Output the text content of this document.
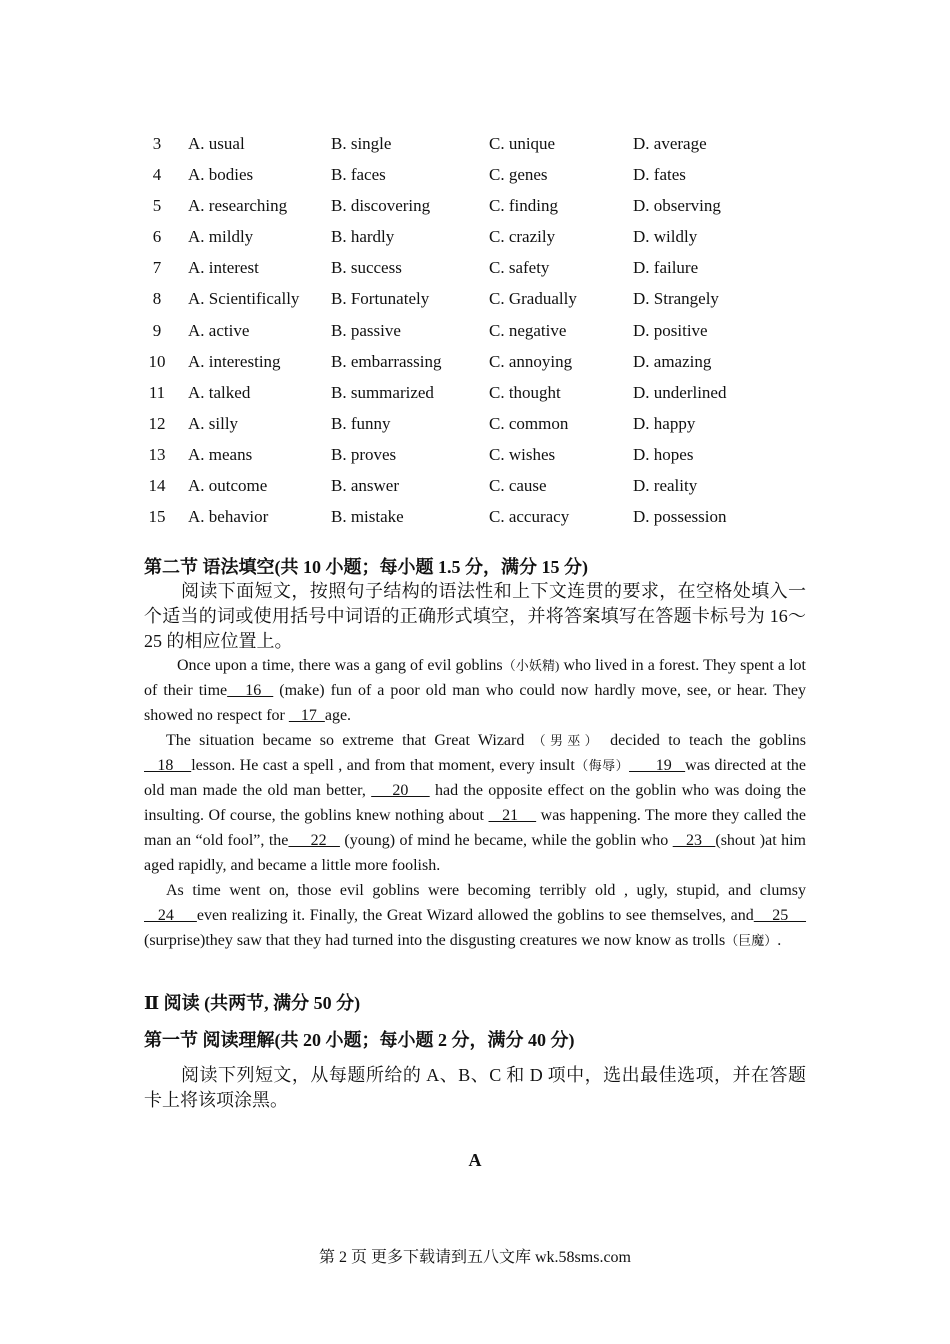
3	A. usual	B. single	C. unique	D. average
4	A. bodies	B. faces	C. genes	D. fates
5	A. researching	B. discovering	C. finding	D. observing
6	A. mildly	B. hardly	C. crazily	D. wildly
7	A. interest	B. success	C. safety	D. failure
8	A. Scientifically B. Fortunately	C. Gradually	D. Strangely
9	A. active	B. passive	C. negative	D. positive
10 A. interesting	B. embarrassing	C. annoying	D. amazing
11 A. talked	B. summarized	C. thought	D. underlined
12 A. silly	B. funny	C. common	D. happy
13 A. means	B. proves	C. wishes	D. hopes
14 A. outcome	B. answer	C. cause	D. reality
15 A. behavior	B. mistake	C. accuracy	D. possession
第二节 语法填空(共 10 小题；每小题 1.5 分，满分 15 分)
阅读下面短文，按照句子结构的语法性和上下文连贯的要求，在空格处填入一个适当的词或使用括号中词语的正确形式填空，并将答案填写在答题卡标号为 16～25 的相应位置上。

Once upon a time, there was a gang of evil goblins（小妖精) who lived in a forest. They spent a lot of their time   16   (make) fun of a poor old man who could now hardly move, see, or hear. They showed no respect for    17  age.

The situation became so extreme that Great Wizard （男巫） decided to teach the goblins    18    lesson. He cast a spell , and from that moment, every insult（侮辱）      19   was directed at the old man made the old man better,     20     had the opposite effect on the goblin who was doing the insulting. Of course, the goblins knew nothing about    21     was happening. The more they called the man an “old fool”, the     22    (young) of mind he became, while the goblin who    23   (shout )at him aged rapidly, and became a little more foolish.

As time went on, those evil goblins were becoming terribly old , ugly, stupid, and clumsy    24     even realizing it. Finally, the Great Wizard allowed the goblins to see themselves, and    25     (surprise)they saw that they had turned into the disgusting creatures we now know as trolls（巨魔）.

Ⅱ 阅读 (共两节, 满分 50 分)
第一节 阅读理解(共 20 小题；每小题 2 分，满分 40 分)
阅读下列短文，从每题所给的 A、B、C 和 D 项中，选出最佳选项，并在答题卡上将该项涂黑。
A
第 2 页 更多下载请到五八文库 wk.58sms.com
